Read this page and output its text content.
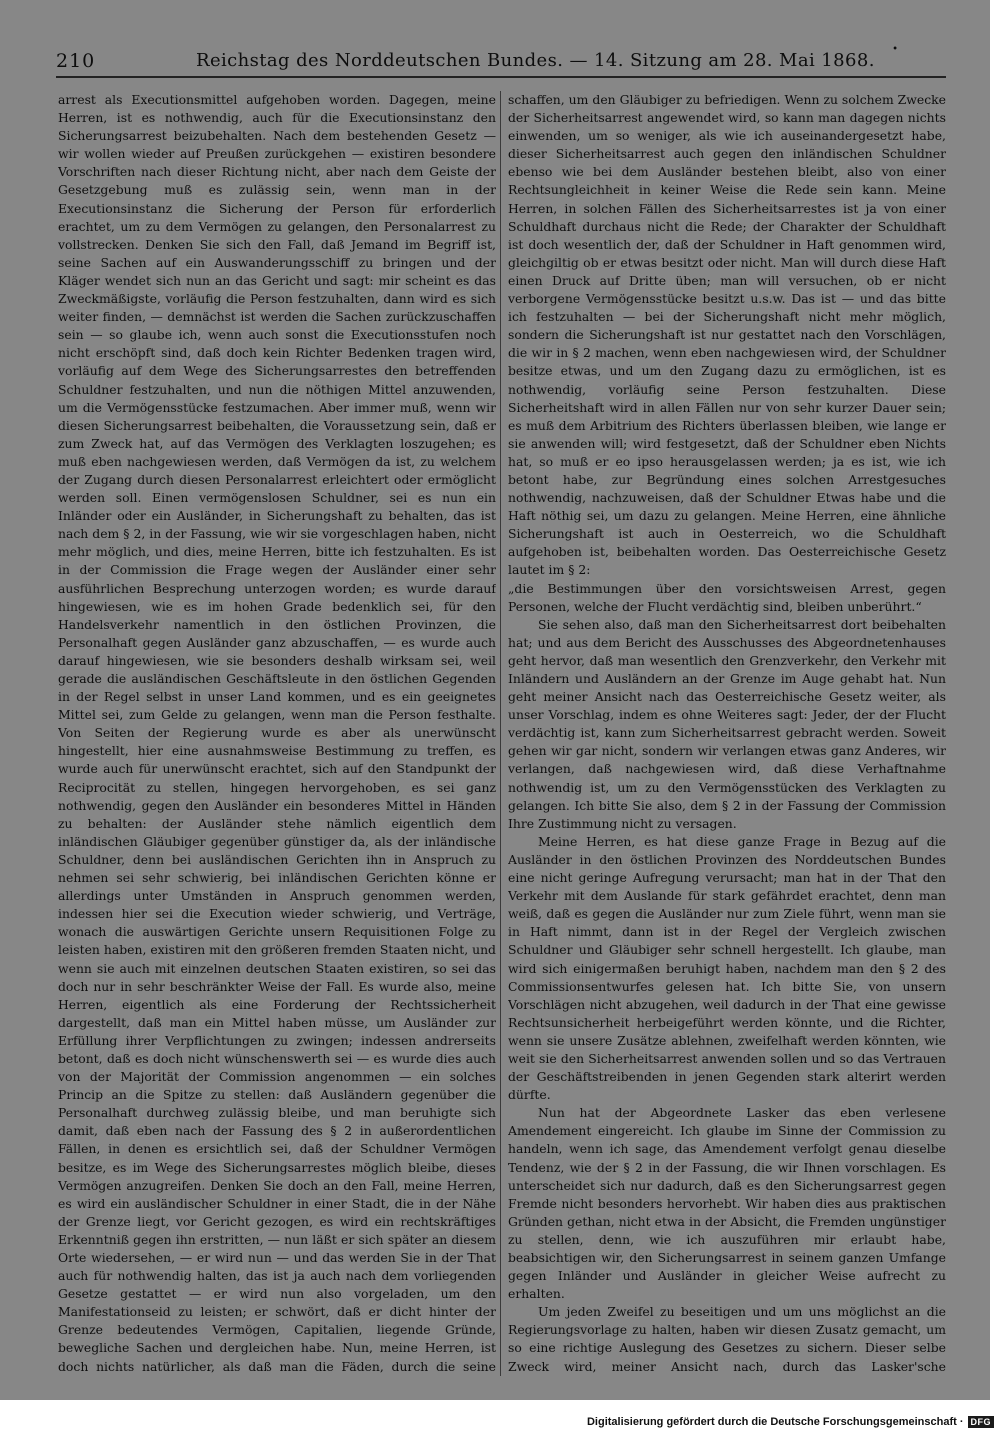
210	Reichstag des Norddeutschen Bundes. — 14. Sitzung am 28. Mai 1868.
•

arrest als Executionsmittel aufgehoben worden. Dagegen, meine Herren, ist es nothwendig, auch für die Executionsinstanz den Sicherungsarrest beizubehalten. Nach dem bestehenden Gesetz — wir wollen wieder auf Preußen zurückgehen — existiren besondere Vorschriften nach dieser Richtung nicht, aber nach dem Geiste der Gesetzgebung muß es zulässig sein, wenn man in der Executionsinstanz die Sicherung der Person für erforderlich erachtet, um zu dem Vermögen zu gelangen, den Personalarrest zu vollstrecken. Denken Sie sich den Fall, daß Jemand im Begriff ist, seine Sachen auf ein Auswanderungsschiff zu bringen und der Kläger wendet sich nun an das Gericht und sagt: mir scheint es das Zweckmäßigste, vorläufig die Person festzuhalten, dann wird es sich weiter finden, — demnächst ist werden die Sachen zurückzuschaffen sein — so glaube ich, wenn auch sonst die Executionsstufen noch nicht erschöpft sind, daß doch kein Richter Bedenken tragen wird, vorläufig auf dem Wege des Sicherungsarrestes den betreffenden Schuldner festzuhalten, und nun die nöthigen Mittel anzuwenden, um die Vermögensstücke festzumachen. Aber immer muß, wenn wir diesen Sicherungsarrest beibehalten, die Voraussetzung sein, daß er zum Zweck hat, auf das Vermögen des Verklagten loszugehen; es muß eben nachgewiesen werden, daß Vermögen da ist, zu welchem der Zugang durch diesen Personalarrest erleichtert oder ermöglicht werden soll. Einen vermögenslosen Schuldner, sei es nun ein Inländer oder ein Ausländer, in Sicherungshaft zu behalten, das ist nach dem § 2, in der Fassung, wie wir sie vorgeschlagen haben, nicht mehr möglich, und dies, meine Herren, bitte ich festzuhalten. Es ist in der Commission die Frage wegen der Ausländer einer sehr ausführlichen Besprechung unterzogen worden; es wurde darauf hingewiesen, wie es im hohen Grade bedenklich sei, für den Handelsverkehr namentlich in den östlichen Provinzen, die Personalhaft gegen Ausländer ganz abzuschaffen, — es wurde auch darauf hingewiesen, wie sie besonders deshalb wirksam sei, weil gerade die ausländischen Geschäftsleute in den östlichen Gegenden in der Regel selbst in unser Land kommen, und es ein geeignetes Mittel sei, zum Gelde zu gelangen, wenn man die Person festhalte. Von Seiten der Regierung wurde es aber als unerwünscht hingestellt, hier eine ausnahmsweise Bestimmung zu treffen, es wurde auch für unerwünscht erachtet, sich auf den Standpunkt der Reciprocität zu stellen, hingegen hervorgehoben, es sei ganz nothwendig, gegen den Ausländer ein besonderes Mittel in Händen zu behalten: der Ausländer stehe nämlich eigentlich dem inländischen Gläubiger gegenüber günstiger da, als der inländische Schuldner, denn bei ausländischen Gerichten ihn in Anspruch zu nehmen sei sehr schwierig, bei inländischen Gerichten könne er allerdings unter Umständen in Anspruch genommen werden, indessen hier sei die Execution wieder schwierig, und Verträge, wonach die auswärtigen Gerichte unsern Requisitionen Folge zu leisten haben, existiren mit den größeren fremden Staaten nicht, und wenn sie auch mit einzelnen deutschen Staaten existiren, so sei das doch nur in sehr beschränkter Weise der Fall. Es wurde also, meine Herren, eigentlich als eine Forderung der Rechtssicherheit dargestellt, daß man ein Mittel haben müsse, um Ausländer zur Erfüllung ihrer Verpflichtungen zu zwingen; indessen andrerseits betont, daß es doch nicht wünschenswerth sei — es wurde dies auch von der Majorität der Commission angenommen — ein solches Princip an die Spitze zu stellen: daß Ausländern gegenüber die Personalhaft durchweg zulässig bleibe, und man beruhigte sich damit, daß eben nach der Fassung des § 2 in außerordentlichen Fällen, in denen es ersichtlich sei, daß der Schuldner Vermögen besitze, es im Wege des Sicherungsarrestes möglich bleibe, dieses Vermögen anzugreifen. Denken Sie doch an den Fall, meine Herren, es wird ein ausländischer Schuldner in einer Stadt, die in der Nähe der Grenze liegt, vor Gericht gezogen, es wird ein rechtskräftiges Erkenntniß gegen ihn erstritten, — nun läßt er sich später an diesem Orte wiedersehen, — er wird nun — und das werden Sie in der That auch für nothwendig halten, das ist ja auch nach dem vorliegenden Gesetze gestattet — er wird nun also vorgeladen, um den Manifestationseid zu leisten; er schwört, daß er dicht hinter der Grenze bedeutendes Vermögen, Capitalien, liegende Gründe, bewegliche Sachen und dergleichen habe. Nun, meine Herren, ist doch nichts natürlicher, als daß man die Fäden, durch die seine

schaffen, um den Gläubiger zu befriedigen. Wenn zu solchem Zwecke der Sicherheitsarrest angewendet wird, so kann man dagegen nichts einwenden, um so weniger, als wie ich auseinandergesetzt habe, dieser Sicherheitsarrest auch gegen den inländischen Schuldner ebenso wie bei dem Ausländer bestehen bleibt, also von einer Rechtsungleichheit in keiner Weise die Rede sein kann. Meine Herren, in solchen Fällen des Sicherheitsarrestes ist ja von einer Schuldhaft durchaus nicht die Rede; der Charakter der Schuldhaft ist doch wesentlich der, daß der Schuldner in Haft genommen wird, gleichgiltig ob er etwas besitzt oder nicht. Man will durch diese Haft einen Druck auf Dritte üben; man will versuchen, ob er nicht verborgene Vermögensstücke besitzt u.s.w. Das ist — und das bitte ich festzuhalten — bei der Sicherungshaft nicht mehr möglich, sondern die Sicherungshaft ist nur gestattet nach den Vorschlägen, die wir in § 2 machen, wenn eben nachgewiesen wird, der Schuldner besitze etwas, und um den Zugang dazu zu ermöglichen, ist es nothwendig, vorläufig seine Person festzuhalten. Diese Sicherheitshaft wird in allen Fällen nur von sehr kurzer Dauer sein; es muß dem Arbitrium des Richters überlassen bleiben, wie lange er sie anwenden will; wird festgesetzt, daß der Schuldner eben Nichts hat, so muß er eo ipso herausgelassen werden; ja es ist, wie ich betont habe, zur Begründung eines solchen Arrestgesuches nothwendig, nachzuweisen, daß der Schuldner Etwas habe und die Haft nöthig sei, um dazu zu gelangen. Meine Herren, eine ähnliche Sicherungshaft ist auch in Oesterreich, wo die Schuldhaft aufgehoben ist, beibehalten worden. Das Oesterreichische Gesetz lautet im § 2:

„die Bestimmungen über den vorsichtsweisen Arrest, gegen Personen, welche der Flucht verdächtig sind, bleiben unberührt.“

Sie sehen also, daß man den Sicherheitsarrest dort beibehalten hat; und aus dem Bericht des Ausschusses des Abgeordnetenhauses geht hervor, daß man wesentlich den Grenzverkehr, den Verkehr mit Inländern und Ausländern an der Grenze im Auge gehabt hat. Nun geht meiner Ansicht nach das Oesterreichische Gesetz weiter, als unser Vorschlag, indem es ohne Weiteres sagt: Jeder, der der Flucht verdächtig ist, kann zum Sicherheitsarrest gebracht werden. Soweit gehen wir gar nicht, sondern wir verlangen etwas ganz Anderes, wir verlangen, daß nachgewiesen wird, daß diese Verhaftnahme nothwendig ist, um zu den Vermögensstücken des Verklagten zu gelangen. Ich bitte Sie also, dem § 2 in der Fassung der Commission Ihre Zustimmung nicht zu versagen.

Meine Herren, es hat diese ganze Frage in Bezug auf die Ausländer in den östlichen Provinzen des Norddeutschen Bundes eine nicht geringe Aufregung verursacht; man hat in der That den Verkehr mit dem Auslande für stark gefährdet erachtet, denn man weiß, daß es gegen die Ausländer nur zum Ziele führt, wenn man sie in Haft nimmt, dann ist in der Regel der Vergleich zwischen Schuldner und Gläubiger sehr schnell hergestellt. Ich glaube, man wird sich einigermaßen beruhigt haben, nachdem man den § 2 des Commissionsentwurfes gelesen hat. Ich bitte Sie, von unsern Vorschlägen nicht abzugehen, weil dadurch in der That eine gewisse Rechtsunsicherheit herbeigeführt werden könnte, und die Richter, wenn sie unsere Zusätze ablehnen, zweifelhaft werden könnten, wie weit sie den Sicherheitsarrest anwenden sollen und so das Vertrauen der Geschäftstreibenden in jenen Gegenden stark alterirt werden dürfte.

Nun hat der Abgeordnete Lasker das eben verlesene Amendement eingereicht. Ich glaube im Sinne der Commission zu handeln, wenn ich sage, das Amendement verfolgt genau dieselbe Tendenz, wie der § 2 in der Fassung, die wir Ihnen vorschlagen. Es unterscheidet sich nur dadurch, daß es den Sicherungsarrest gegen Fremde nicht besonders hervorhebt. Wir haben dies aus praktischen Gründen gethan, nicht etwa in der Absicht, die Fremden ungünstiger zu stellen, denn, wie ich auszuführen mir erlaubt habe, beabsichtigen wir, den Sicherungsarrest in seinem ganzen Umfange gegen Inländer und Ausländer in gleicher Weise aufrecht zu erhalten.

Um jeden Zweifel zu beseitigen und um uns möglichst an die Regierungsvorlage zu halten, haben wir diesen Zusatz gemacht, um so eine richtige Auslegung des Gesetzes zu sichern. Dieser selbe Zweck wird, meiner Ansicht nach, durch das Lasker'sche

Digitalisierung gefördert durch die Deutsche Forschungsgemeinschaft · DFG
